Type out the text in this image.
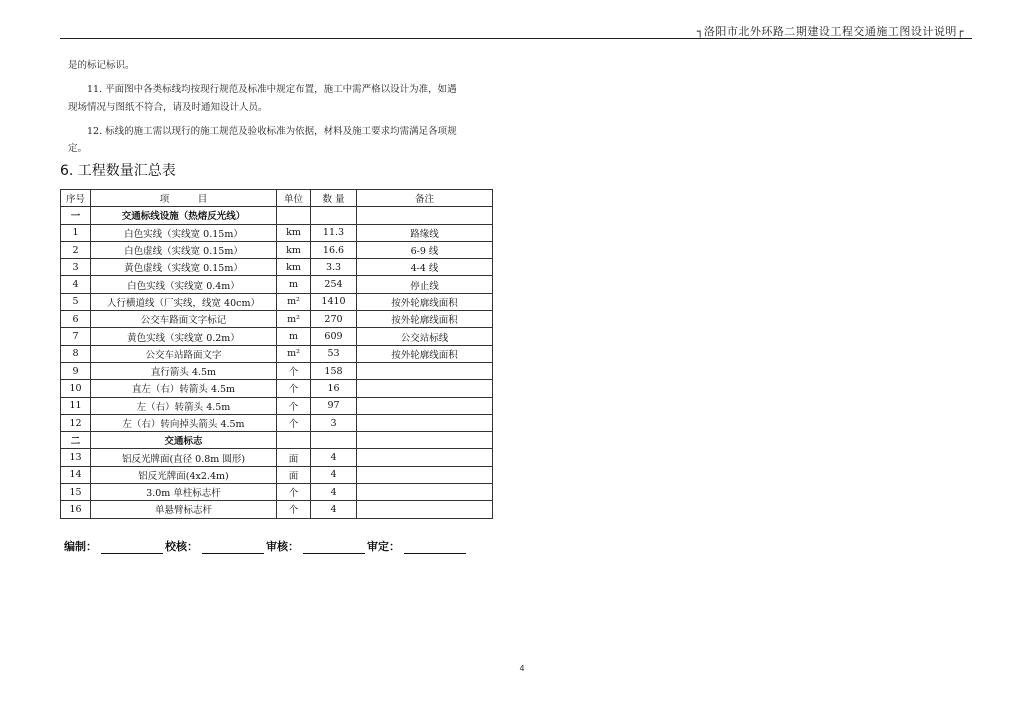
┐洛阳市北外环路二期建设工程交通施工图设计说明┌
是的标记标识。
　　11. 平面图中各类标线均按现行规范及标准中规定布置，施工中需严格以设计为准，如遇
现场情况与图纸不符合，请及时通知设计人员。
　　12. 标线的施工需以现行的施工规范及验收标准为依据，材料及施工要求均需满足各项规
定。
6. 工程数量汇总表
序号	项　　　目	单位	数 量	备注
一	交通标线设施（热熔反光线）			
1	白色实线（实线宽 0.15m）	km	11.3	路缘线
2	白色虚线（实线宽 0.15m）	km	16.6	6-9 线
3	黄色虚线（实线宽 0.15m）	km	3.3	4-4 线
4	白色实线（实线宽 0.4m）	m	254	停止线
5	人行横道线（厂实线，线宽 40cm）	m²	1410	按外轮廓线面积
6	公交车路面文字标记	m²	270	按外轮廓线面积
7	黄色实线（实线宽 0.2m）	m	609	公交站标线
8	公交车站路面文字	m²	53	按外轮廓线面积
9	直行箭头 4.5m	个	158	
10	直左（右）转箭头 4.5m	个	16	
11	左（右）转箭头 4.5m	个	97	
12	左（右）转向掉头箭头 4.5m	个	3	
二	交通标志			
13	铝反光牌面(直径 0.8m 圆形)	面	4	
14	铝反光牌面(4x2.4m)	面	4	
15	3.0m 单柱标志杆	个	4	
16	单悬臂标志杆	个	4	
编制：	校核：	审核：	审定：
4
